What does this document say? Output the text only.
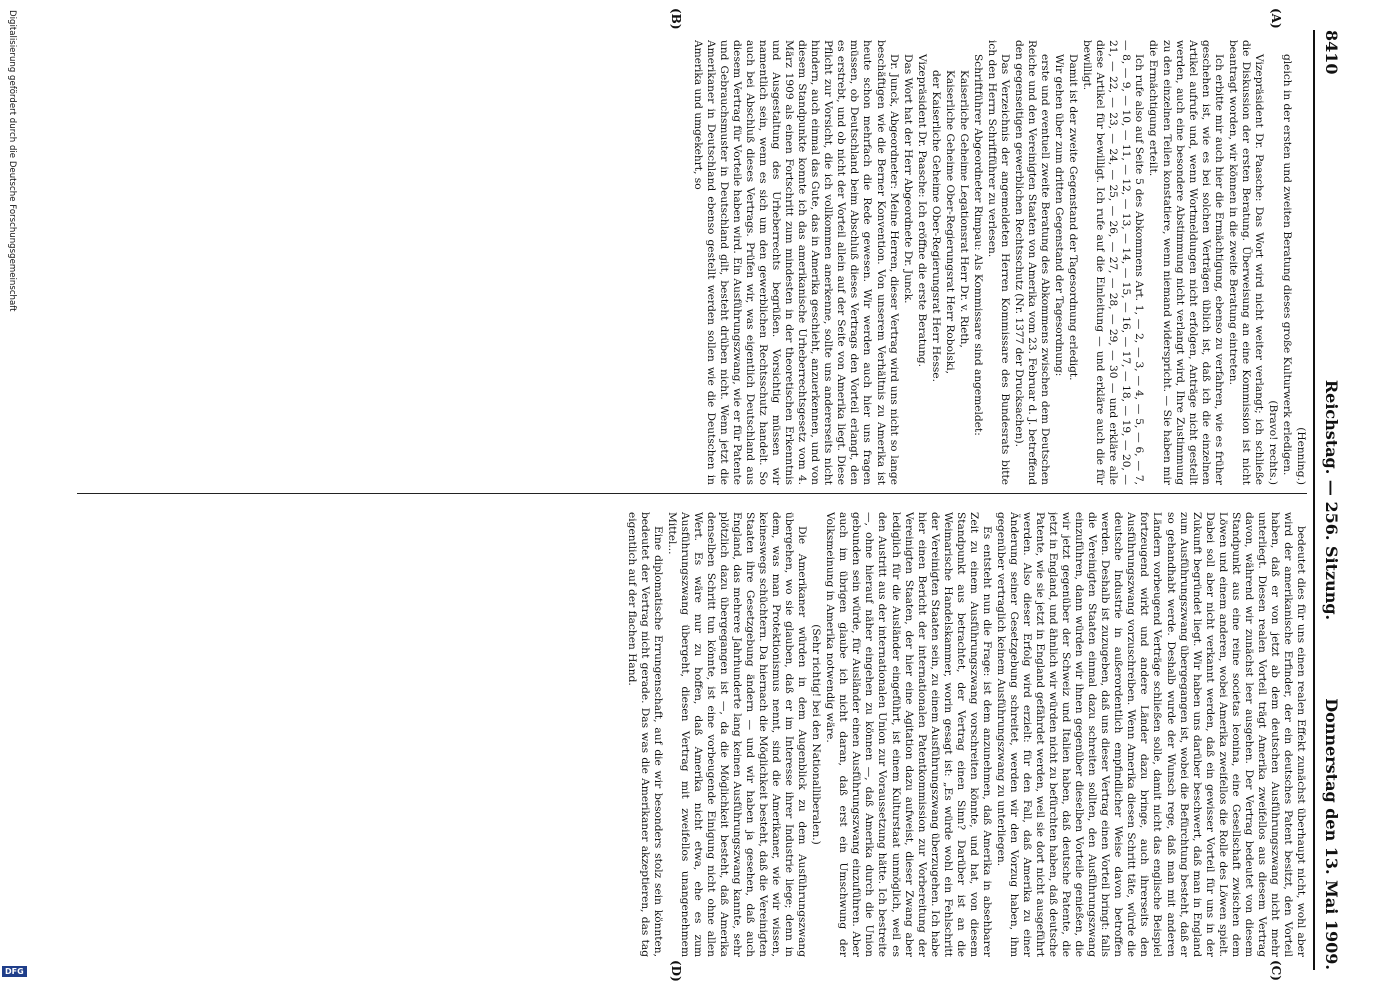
8410
Reichstag. — 256. Sitzung.
Donnerstag den 13. Mai 1909.
(A)
(B)
(C)
(D)

(Henning.)

gleich in der ersten und zweiten Beratung dieses große Kulturwerk erledigen.

(Bravo! rechts.)

Vizepräsident Dr. Paasche: Das Wort wird nicht weiter verlangt; ich schließe die Diskussion der ersten Beratung. Überweisung an eine Kommission ist nicht beantragt worden, wir können in die zweite Beratung eintreten.

Ich erbitte mir auch hier die Ermächtigung, ebenso zu verfahren, wie es früher geschehen ist, wie es bei solchen Verträgen üblich ist, daß ich die einzelnen Artikel aufrufe und, wenn Wortmeldungen nicht erfolgen, Anträge nicht gestellt werden, auch eine besondere Abstimmung nicht verlangt wird, Ihre Zustimmung zu den einzelnen Teilen konstatiere, wenn niemand widerspricht. — Sie haben mir die Ermächtigung erteilt.

Ich rufe also auf Seite 5 des Abkommens Art. 1, — 2, — 3, — 4, — 5, — 6, — 7, — 8, — 9, — 10, — 11, — 12, — 13, — 14, — 15, — 16, — 17, — 18, — 19, — 20, — 21, — 22, — 23, — 24, — 25, — 26, — 27, — 28, — 29, — 30 — und erkläre alle diese Artikel für bewilligt. Ich rufe auf die Einleitung — und erkläre auch die für bewilligt.

Damit ist der zweite Gegenstand der Tagesordnung erledigt.

Wir gehen über zum dritten Gegenstand der Tagesordnung:

erste und eventuell zweite Beratung des Abkommens zwischen dem Deutschen Reiche und den Vereinigten Staaten von Amerika vom 23. Februar d. J. betreffend den gegenseitigen gewerblichen Rechtsschutz (Nr. 1377 der Drucksachen).

Das Verzeichnis der angemeldeten Herren Kommissare des Bundesrats bitte ich den Herrn Schriftführer zu verlesen.

Schriftführer Abgeordneter Rimpau: Als Kommissare sind angemeldet:

Kaiserliche Geheime Legationsrat Herr Dr. v. Rieth,

Kaiserliche Geheime Ober-Regierungsrat Herr Robolski,

der Kaiserliche Geheime Ober-Regierungsrat Herr Hesse.

Vizepräsident Dr. Paasche: Ich eröffne die erste Beratung.

Das Wort hat der Herr Abgeordnete Dr. Junck.

Dr. Junck, Abgeordneter: Meine Herren, dieser Vertrag wird uns nicht so lange beschäftigen wie die Berner Konvention. Von unserem Verhältnis zu Amerika ist heute schon mehrfach die Rede gewesen. Wir werden auch hier uns fragen müssen, ob Deutschland beim Abschluß dieses Vertrags den Vorteil erlangt, den es erstrebt, und ob nicht der Vorteil allein auf der Seite von Amerika liegt. Diese Pflicht zur Vorsicht, die ich vollkommen anerkenne, sollte uns andererseits nicht hindern, auch einmal das Gute, das in Amerika geschieht, anzuerkennen, und von diesem Standpunkte konnte ich das amerikanische Urheberrechtsgesetz vom 4. März 1909 als einen Fortschritt zum mindesten in der theoretischen Erkenntnis und Ausgestaltung des Urheberrechts begrüßen. Vorsichtig müssen wir namentlich sein, wenn es sich um den gewerblichen Rechtsschutz handelt. So auch bei Abschluß dieses Vertrags. Prüfen wir, was eigentlich Deutschland aus diesem Vertrag für Vorteile haben wird. Ein Ausführungszwang, wie er für Patente und Gebrauchsmuster in Deutschland gilt, besteht drüben nicht. Wenn jetzt die Amerikaner in Deutschland ebenso gestellt werden sollen wie die Deutschen in Amerika und umgekehrt, so

bedeutet dies für uns einen realen Effekt zunächst überhaupt nicht, wohl aber wird der amerikanische Erfinder, der ein deutsches Patent besitzt, den Vorteil haben, daß er von jetzt ab dem deutschen Ausführungszwang nicht mehr unterliegt. Diesen realen Vorteil trägt Amerika zweifellos aus diesem Vertrag davon, während wir zunächst leer ausgehen. Der Vertrag bedeutet von diesem Standpunkt aus eine reine societas leonina, eine Gesellschaft zwischen dem Löwen und einem anderen, wobei Amerika zweifellos die Rolle des Löwen spielt. Dabei soll aber nicht verkannt werden, daß ein gewisser Vorteil für uns in der Zukunft begründet liegt. Wir haben uns darüber beschwert, daß man in England zum Ausführungszwang übergegangen ist, wobei die Befürchtung besteht, daß er so gehandhabt werde. Deshalb wurde der Wunsch rege, daß man mit anderen Ländern vorbeugend Verträge schließen solle, damit nicht das englische Beispiel fortzeugend wirkt und andere Länder dazu bringe, auch ihrerseits den Ausführungszwang vorzuschreiben. Wenn Amerika diesen Schritt täte, würde die deutsche Industrie in außerordentlich empfindlicher Weise davon betroffen werden. Deshalb ist zuzugeben, daß uns dieser Vertrag einen Vorteil bringt: falls die Vereinigten Staaten einmal dazu schreiten sollten, den Ausführungszwang einzuführen, dann würden wir ihnen gegenüber dieselben Vorteile genießen, die wir jetzt gegenüber der Schweiz und Italien haben, daß deutsche Patente, die jetzt in England, und ähnlich wir würden nicht zu befürchten haben, daß deutsche Patente, wie sie jetzt in England gefährdet werden, weil sie dort nicht ausgeführt werden. Also dieser Erfolg wird erzielt: für den Fall, daß Amerika zu einer Änderung seiner Gesetzgebung schreitet, werden wir den Vorzug haben, ihm gegenüber vertraglich keinem Ausführungszwang zu unterliegen.

Es entsteht nun die Frage: ist dem anzunehmen, daß Amerika in absehbarer Zeit zu einem Ausführungszwang vorschreiten könnte, und hat, von diesem Standpunkt aus betrachtet, der Vertrag einen Sinn? Darüber ist an die Weimarische Handelskammer, worin gesagt ist: „Es würde wohl ein Fehlschritt der Vereinigten Staaten sein, zu einem Ausführungszwang überzugehen. Ich habe hier einen Bericht der internationalen Patentkommission zur Vorbereitung der Vereinigten Staaten, der hier eine Agitation dazu aufweist, dieser Zwang aber lediglich für die Ausländer eingeführt, ist einem Kulturstaat unmöglich, weil es den Austritt aus der internationalen Union zur Voraussetzung hätte. Ich bestreite —, ohne hierauf näher eingehen zu können —, daß Amerika durch die Union gebunden sein würde, für Ausländer einen Ausführungszwang einzuführen. Aber auch im übrigen glaube ich nicht daran, daß erst ein Umschwung der Volksmeinung in Amerika notwendig wäre.

(Sehr richtig! bei den Nationalliberalen.)

Die Amerikaner würden in dem Augenblick zu dem Ausführungszwang übergehen, wo sie glauben, daß er im Interesse ihrer Industrie liege; denn in dem, was man Protektionismus nennt, sind die Amerikaner, wie wir wissen, keineswegs schüchtern. Da hiernach die Möglichkeit besteht, daß die Vereinigten Staaten ihre Gesetzgebung ändern — und wir haben ja gesehen, daß auch England, das mehrere Jahrhunderte lang keinen Ausführungszwang kannte, sehr plötzlich dazu übergegangen ist —, da die Möglichkeit besteht, daß Amerika denselben Schritt tun könnte, ist eine vorbeugende Einigung nicht ohne allen Wert. Es wäre nur zu hoffen, daß Amerika nicht etwa, ehe es zum Ausführungszwang übergeht, diesen Vertrag mit zweifellos unangenehmem Mittel...

Eine diplomatische Errungenschaft, auf die wir besonders stolz sein könnten, bedeutet der Vertrag nicht gerade. Das was die Amerikaner akzeptieren, das tag eigentlich auf der flachen Hand.

Digitalisierung gefördert durch die Deutsche Forschungsgemeinschaft
DFG
